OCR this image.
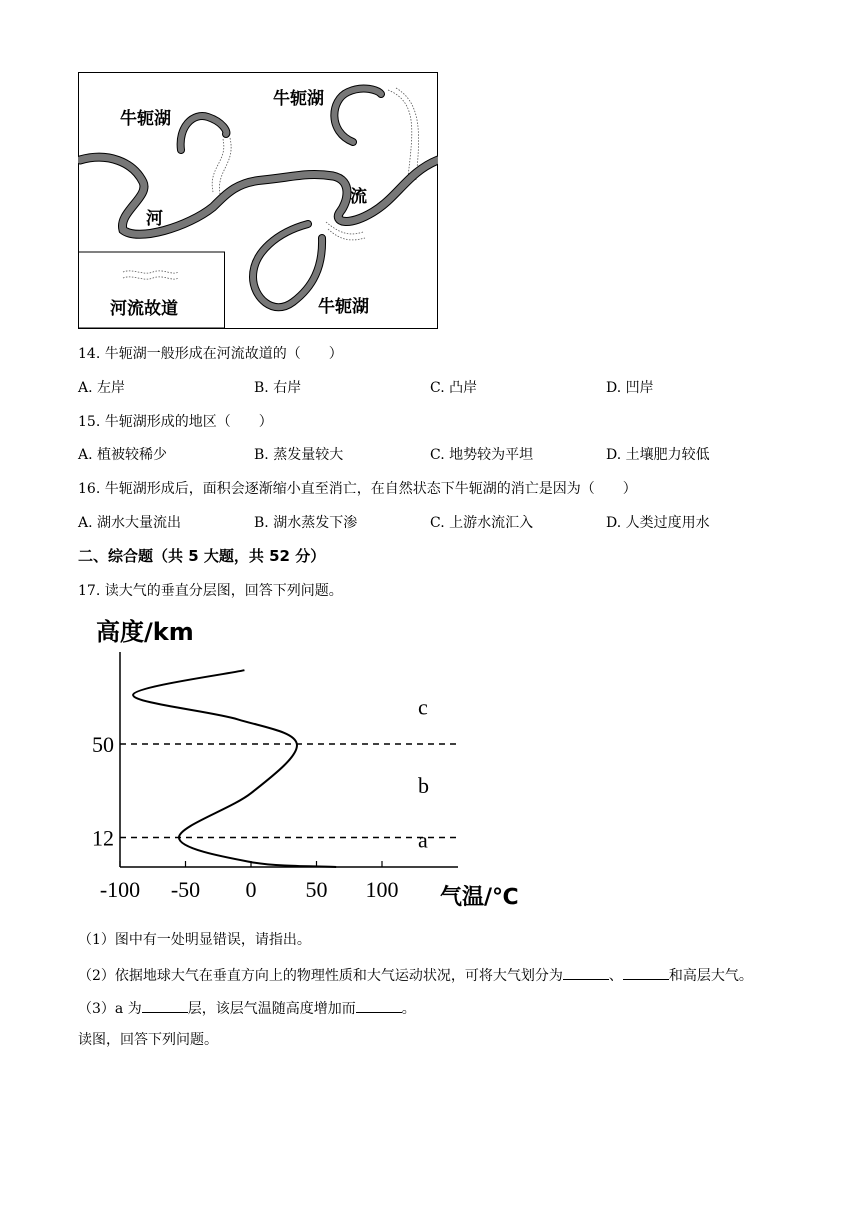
牛轭湖
牛轭湖
牛轭湖
河
流
河流故道
14. 牛轭湖一般形成在河流故道的（　　）
A. 左岸	B. 右岸	C. 凸岸	D. 凹岸
15. 牛轭湖形成的地区（　　）
A. 植被较稀少	B. 蒸发量较大	C. 地势较为平坦	D. 土壤肥力较低
16. 牛轭湖形成后，面积会逐渐缩小直至消亡，在自然状态下牛轭湖的消亡是因为（　　）
A. 湖水大量流出	B. 湖水蒸发下渗	C. 上游水流汇入	D. 人类过度用水
二、综合题（共 5 大题，共 52 分）
17. 读大气的垂直分层图，回答下列问题。
-100 -50 0 50 100
12
50
高度/km
气温/℃
a
b
c
（1）图中有一处明显错误，请指出。
（2）依据地球大气在垂直方向上的物理性质和大气运动状况，可将大气划分为	、	和高层大气。
（3）a 为	层，该层气温随高度增加而	。
读图，回答下列问题。
